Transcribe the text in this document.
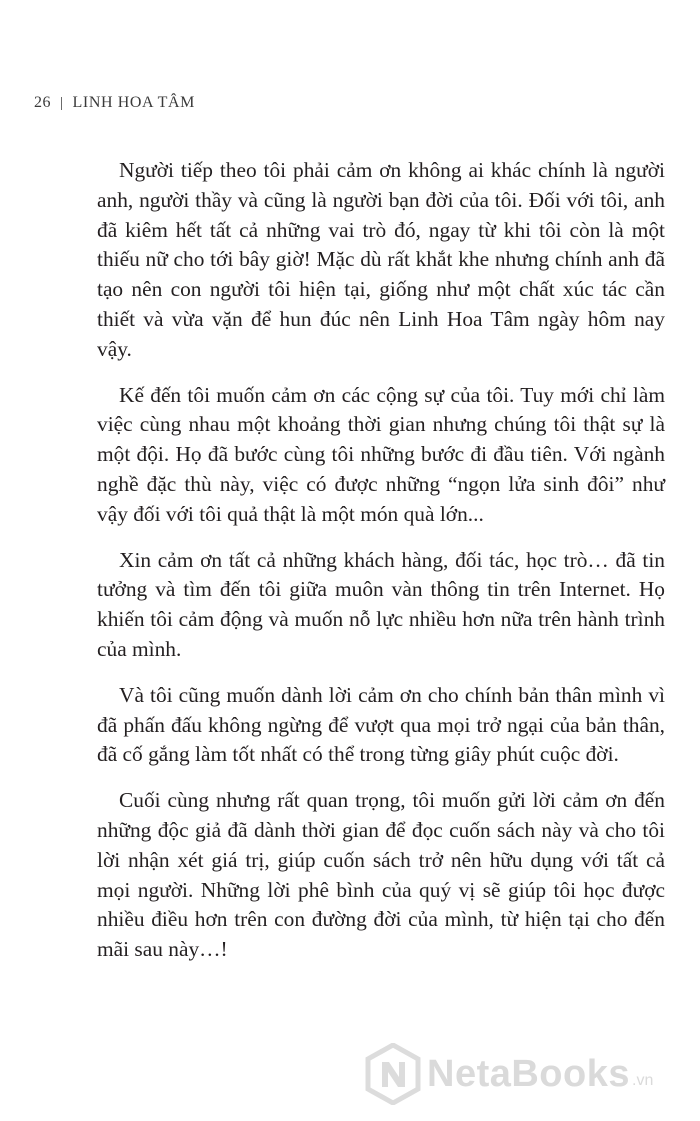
26 | LINH HOA TÂM

Người tiếp theo tôi phải cảm ơn không ai khác chính là người anh, người thầy và cũng là người bạn đời của tôi. Đối với tôi, anh đã kiêm hết tất cả những vai trò đó, ngay từ khi tôi còn là một thiếu nữ cho tới bây giờ! Mặc dù rất khắt khe nhưng chính anh đã tạo nên con người tôi hiện tại, giống như một chất xúc tác cần thiết và vừa vặn để hun đúc nên Linh Hoa Tâm ngày hôm nay vậy.

Kế đến tôi muốn cảm ơn các cộng sự của tôi. Tuy mới chỉ làm việc cùng nhau một khoảng thời gian nhưng chúng tôi thật sự là một đội. Họ đã bước cùng tôi những bước đi đầu tiên. Với ngành nghề đặc thù này, việc có được những “ngọn lửa sinh đôi” như vậy đối với tôi quả thật là một món quà lớn...

Xin cảm ơn tất cả những khách hàng, đối tác, học trò… đã tin tưởng và tìm đến tôi giữa muôn vàn thông tin trên Internet. Họ khiến tôi cảm động và muốn nỗ lực nhiều hơn nữa trên hành trình của mình.

Và tôi cũng muốn dành lời cảm ơn cho chính bản thân mình vì đã phấn đấu không ngừng để vượt qua mọi trở ngại của bản thân, đã cố gắng làm tốt nhất có thể trong từng giây phút cuộc đời.

Cuối cùng nhưng rất quan trọng, tôi muốn gửi lời cảm ơn đến những độc giả đã dành thời gian để đọc cuốn sách này và cho tôi lời nhận xét giá trị, giúp cuốn sách trở nên hữu dụng với tất cả mọi người. Những lời phê bình của quý vị sẽ giúp tôi học được nhiều điều hơn trên con đường đời của mình, từ hiện tại cho đến mãi sau này…!

NetaBooks .vn
